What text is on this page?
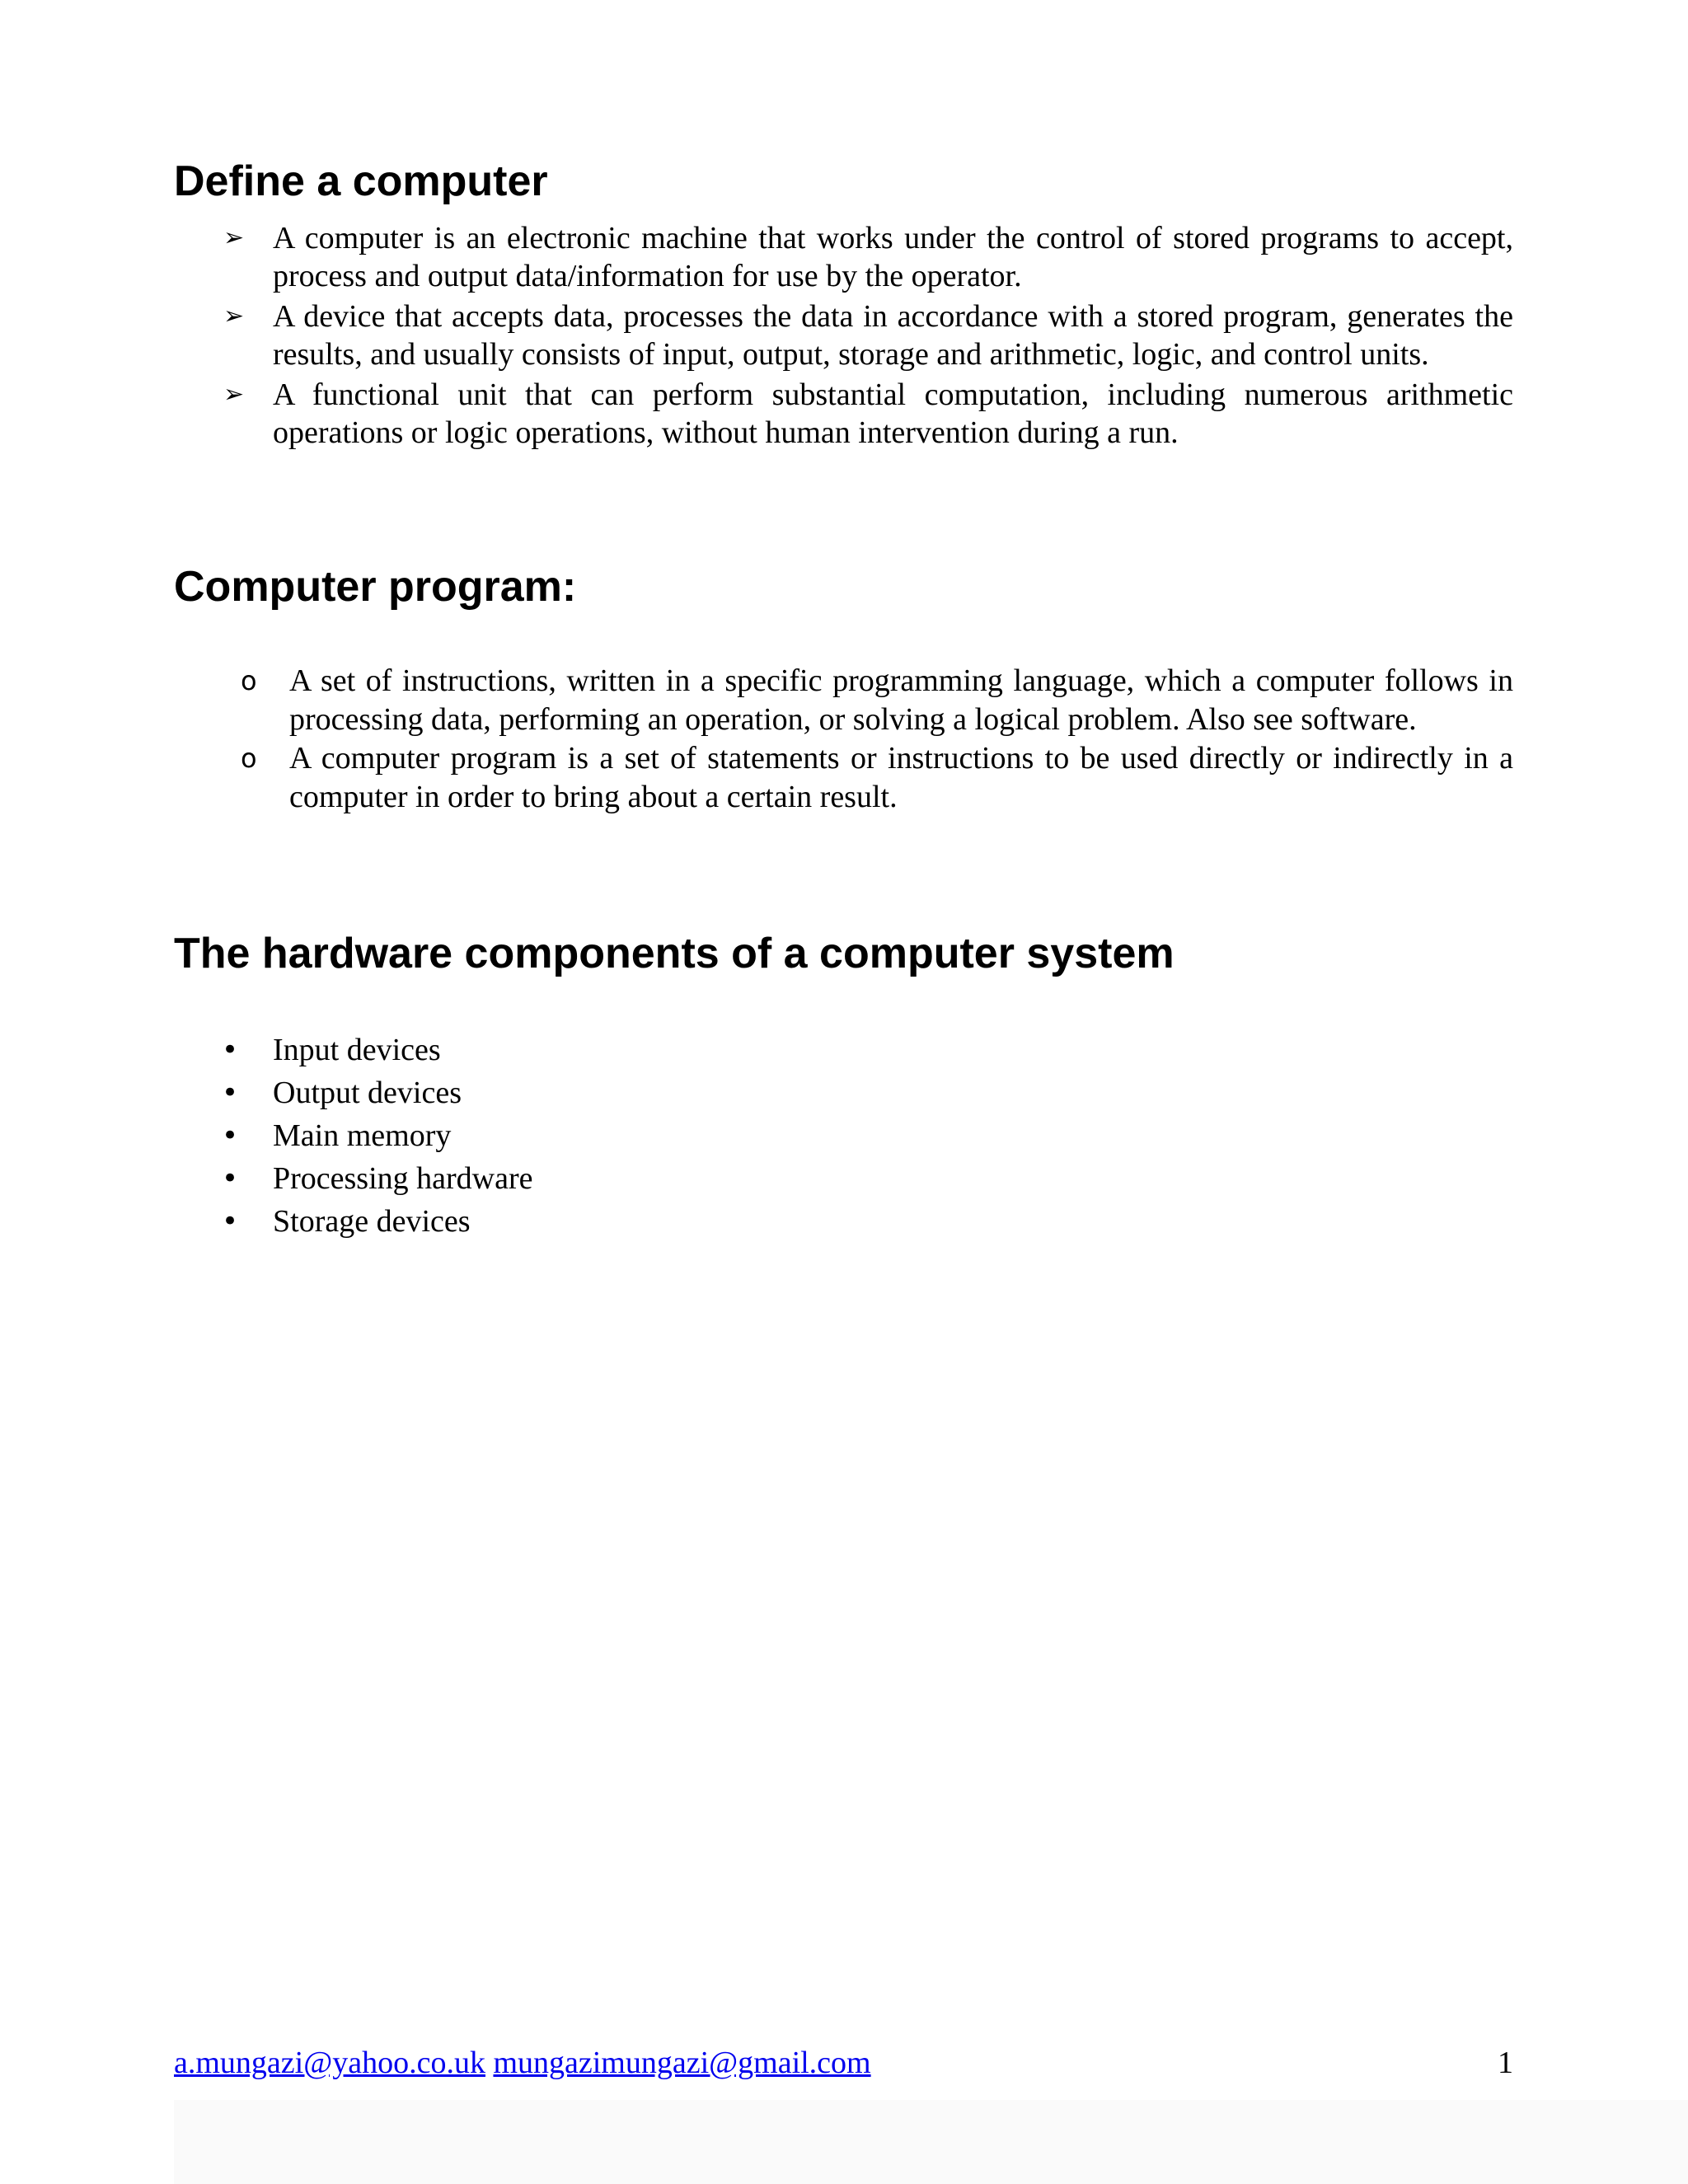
Define a computer
➢ A computer is an electronic machine that works under the control of stored programs to accept, process and output data/information for use by the operator.
➢ A device that accepts data, processes the data in accordance with a stored program, generates the results, and usually consists of input, output, storage and arithmetic, logic, and control units.
➢ A functional unit that can perform substantial computation, including numerous arithmetic operations or logic operations, without human intervention during a run.
Computer program:
o A set of instructions, written in a specific programming language, which a computer follows in processing data, performing an operation, or solving a logical problem. Also see software.
o A computer program is a set of statements or instructions to be used directly or indirectly in a computer in order to bring about a certain result.
The hardware components of a computer system
• Input devices
• Output devices
• Main memory
• Processing hardware
• Storage devices
a.mungazi@yahoo.co.uk mungazimungazi@gmail.com	1
